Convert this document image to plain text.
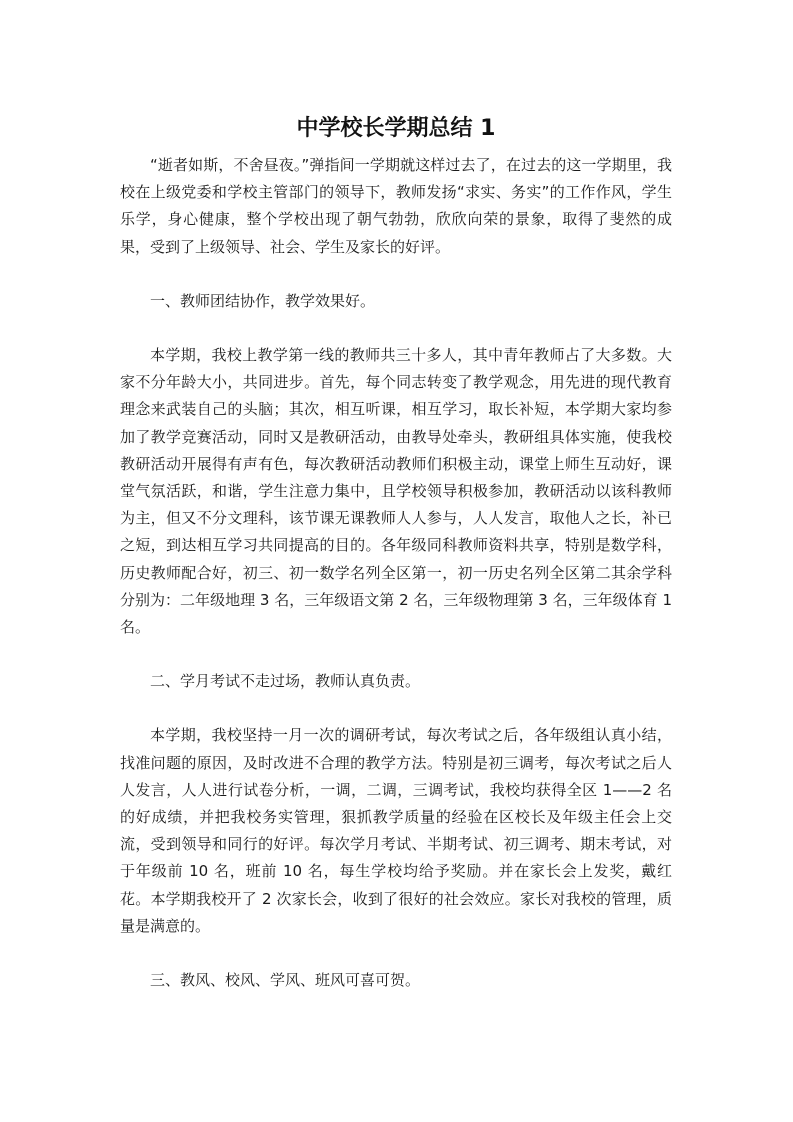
中学校长学期总结 1

“逝者如斯，不舍昼夜。”弹指间一学期就这样过去了，在过去的这一学期里，我校在上级党委和学校主管部门的领导下，教师发扬“求实、务实”的工作作风，学生乐学，身心健康，整个学校出现了朝气勃勃，欣欣向荣的景象，取得了斐然的成果，受到了上级领导、社会、学生及家长的好评。

一、教师团结协作，教学效果好。

本学期，我校上教学第一线的教师共三十多人，其中青年教师占了大多数。大家不分年龄大小，共同进步。首先，每个同志转变了教学观念，用先进的现代教育理念来武装自己的头脑；其次，相互听课，相互学习，取长补短，本学期大家均参加了教学竞赛活动，同时又是教研活动，由教导处牵头，教研组具体实施，使我校教研活动开展得有声有色，每次教研活动教师们积极主动，课堂上师生互动好，课堂气氛活跃，和谐，学生注意力集中，且学校领导积极参加，教研活动以该科教师为主，但又不分文理科，该节课无课教师人人参与，人人发言，取他人之长，补已之短，到达相互学习共同提高的目的。各年级同科教师资料共享，特别是数学科，历史教师配合好，初三、初一数学名列全区第一，初一历史名列全区第二其余学科分别为：二年级地理 3 名，三年级语文第 2 名，三年级物理第 3 名，三年级体育 1 名。

二、学月考试不走过场，教师认真负责。

本学期，我校坚持一月一次的调研考试，每次考试之后，各年级组认真小结，找准问题的原因，及时改进不合理的教学方法。特别是初三调考，每次考试之后人人发言，人人进行试卷分析，一调，二调，三调考试，我校均获得全区 1——2 名的好成绩，并把我校务实管理，狠抓教学质量的经验在区校长及年级主任会上交流，受到领导和同行的好评。每次学月考试、半期考试、初三调考、期末考试，对于年级前 10 名，班前 10 名，每生学校均给予奖励。并在家长会上发奖，戴红花。本学期我校开了 2 次家长会，收到了很好的社会效应。家长对我校的管理，质量是满意的。

三、教风、校风、学风、班风可喜可贺。
